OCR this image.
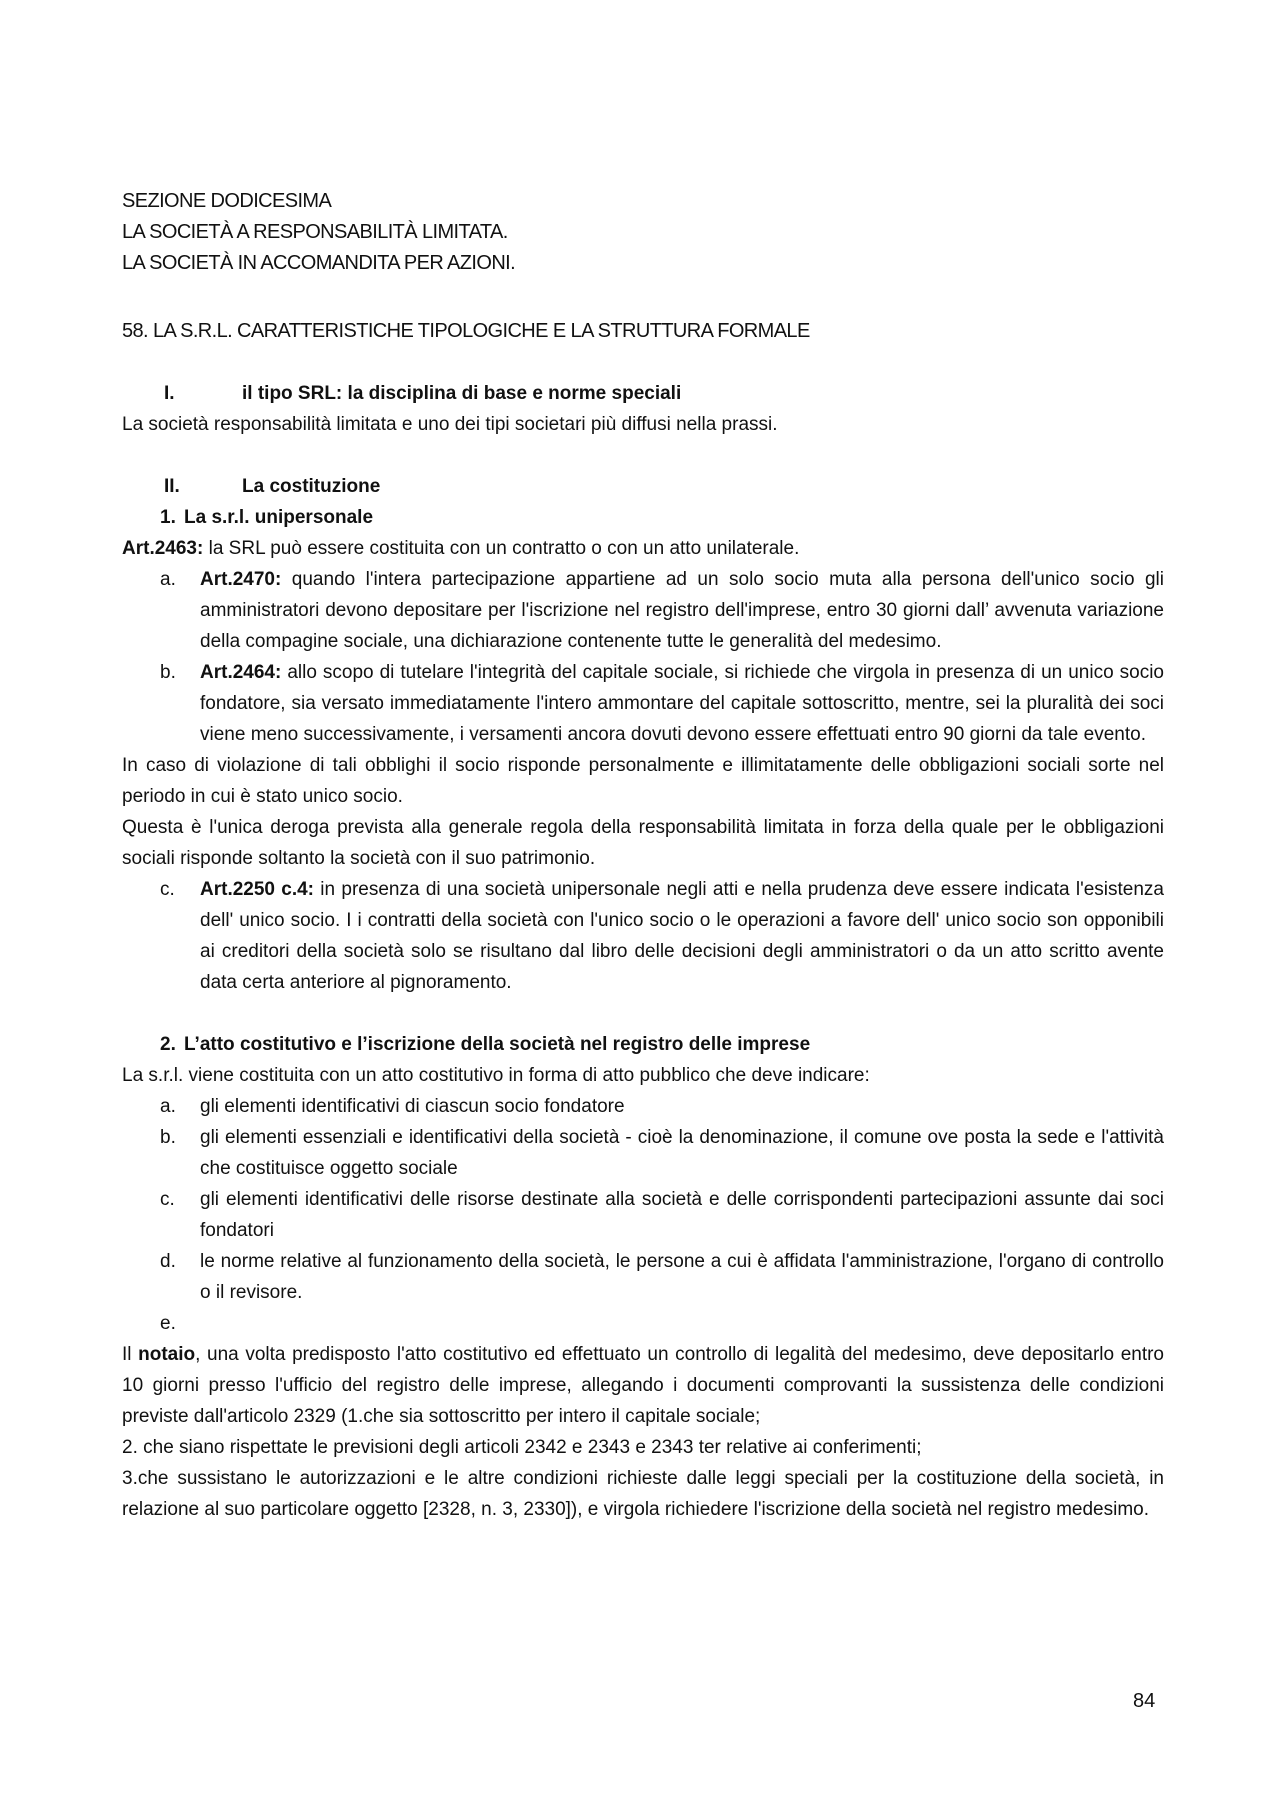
SEZIONE DODICESIMA
LA SOCIETÀ A RESPONSABILITÀ LIMITATA.
LA SOCIETÀ IN ACCOMANDITA PER AZIONI.
58. LA S.R.L. CARATTERISTICHE TIPOLOGICHE E LA STRUTTURA FORMALE
I.	il tipo SRL: la disciplina di base e norme speciali
La società responsabilità limitata e uno dei tipi societari più diffusi nella prassi.
II.	La costituzione
1. La s.r.l. unipersonale
Art.2463: la SRL può essere costituita con un contratto o con un atto unilaterale.
a.	Art.2470: quando l'intera partecipazione appartiene ad un solo socio muta alla persona dell'unico socio gli amministratori devono depositare per l'iscrizione nel registro dell'imprese, entro 30 giorni dall’ avvenuta variazione della compagine sociale, una dichiarazione contenente tutte le generalità del medesimo.
b.	Art.2464: allo scopo di tutelare l'integrità del capitale sociale, si richiede che virgola in presenza di un unico socio fondatore, sia versato immediatamente l'intero ammontare del capitale sottoscritto, mentre, sei la pluralità dei soci viene meno successivamente, i versamenti ancora dovuti devono essere effettuati entro 90 giorni da tale evento.
In caso di violazione di tali obblighi il socio risponde personalmente e illimitatamente delle obbligazioni sociali sorte nel periodo in cui è stato unico socio.
Questa è l'unica deroga prevista alla generale regola della responsabilità limitata in forza della quale per le obbligazioni sociali risponde soltanto la società con il suo patrimonio.
c.	Art.2250 c.4: in presenza di una società unipersonale negli atti e nella prudenza deve essere indicata l'esistenza dell' unico socio. I i contratti della società con l'unico socio o le operazioni a favore dell' unico socio son opponibili ai creditori della società solo se risultano dal libro delle decisioni degli amministratori o da un atto scritto avente data certa anteriore al pignoramento.
2. L’atto costitutivo e l’iscrizione della società nel registro delle imprese
La s.r.l. viene costituita con un atto costitutivo in forma di atto pubblico che deve indicare:
a.	gli elementi identificativi di ciascun socio fondatore
b.	gli elementi essenziali e identificativi della società - cioè la denominazione, il comune ove posta la sede e l'attività che costituisce oggetto sociale
c.	gli elementi identificativi delle risorse destinate alla società e delle corrispondenti partecipazioni assunte dai soci fondatori
d.	le norme relative al funzionamento della società, le persone a cui è affidata l'amministrazione, l'organo di controllo o il revisore.
e.
Il notaio, una volta predisposto l'atto costitutivo ed effettuato un controllo di legalità del medesimo, deve depositarlo entro 10 giorni presso l'ufficio del registro delle imprese, allegando i documenti comprovanti la sussistenza delle condizioni previste dall'articolo 2329 (1.che sia sottoscritto per intero il capitale sociale;
2. che siano rispettate le previsioni degli articoli 2342 e 2343 e 2343 ter relative ai conferimenti;
3.che sussistano le autorizzazioni e le altre condizioni richieste dalle leggi speciali per la costituzione della società, in relazione al suo particolare oggetto [2328, n. 3, 2330]), e virgola richiedere l'iscrizione della società nel registro medesimo.
84
